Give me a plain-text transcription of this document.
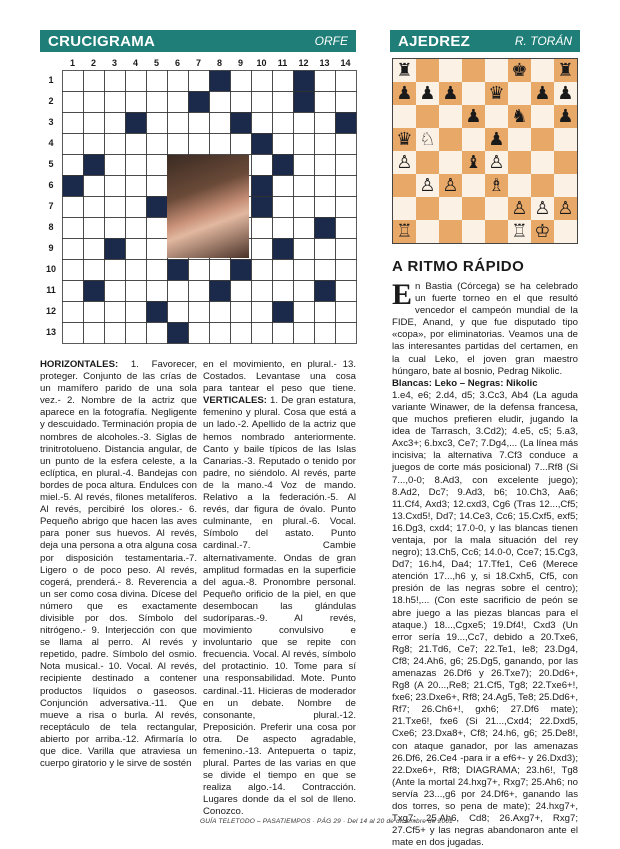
CRUCIGRAMA	ORFE	AJEDREZ	R. TORÁN
1	2	3	4	5	6	7	8	9	10	11	12	13	14
1
2
3
4
5
6
7
8
9
10
11
12
13
HORIZONTALES: 1. Favorecer, proteger. Conjunto de las crías de un mamífero parido de una sola vez.- 2. Nombre de la actriz que aparece en la fotografía. Negligente y descuidado. Terminación propia de nombres de alcoholes.-3. Siglas de trinitrotolueno. Distancia angular, de un punto de la esfera celeste, a la eclíptica, en plural.-4. Bandejas con bordes de poca altura. Endulces con miel.-5. Al revés, filones metalíferos. Al revés, percibiré los olores.- 6. Pequeño abrigo que hacen las aves para poner sus huevos. Al revés, deja una persona a otra alguna cosa por disposición testamentaria.-7. Ligero o de poco peso. Al revés, cogerá, prenderá.- 8. Reverencia a un ser como cosa divina. Dícese del número que es exactamente divisible por dos. Símbolo del nitrógeno.- 9. Interjección con que se llama al perro. Al revés y repetido, padre. Símbolo del osmio. Nota musical.- 10. Vocal. Al revés, recipiente destinado a contener productos líquidos o gaseosos. Conjunción adversativa.-11. Que mueve a risa o burla. Al revés, receptáculo de tela rectangular, abierto por arriba.-12. Afirmaría lo que dice. Varilla que atraviesa un cuerpo giratorio y le sirve de sostén
en el movimiento, en plural.- 13. Costados. Levantase una cosa para tantear el peso que tiene. VERTICALES: 1. De gran estatura, femenino y plural. Cosa que está a un lado.-2. Apellido de la actriz que hemos nombrado anteriormente. Canto y baile típicos de las Islas Canarias.-3. Reputado o tenido por padre, no siéndolo. Al revés, parte de la mano.-4 Voz de mando. Relativo a la federación.-5. Al revés, dar figura de óvalo. Punto culminante, en plural.-6. Vocal. Símbolo del astato. Punto cardinal.-7. Cambie alternativamente. Ondas de gran amplitud formadas en la superficie del agua.-8. Pronombre personal. Pequeño orificio de la piel, en que desembocan las glándulas sudoríparas.-9. Al revés, movimiento convulsivo e involuntario que se repite con frecuencia. Vocal. Al revés, símbolo del protactinio. 10. Tome para sí una responsabilidad. Mote. Punto cardinal.-11. Hicieras de moderador en un debate. Nombre de consonante, plural.-12. Preposición. Preferir una cosa por otra. De aspecto agradable, femenino.-13. Antepuerta o tapiz, plural. Partes de las varias en que se divide el tiempo en que se realiza algo.-14. Contracción. Lugares donde da el sol de lleno. Conozco.
♜	♚ ♜
♟ ♟ ♟ ♛ ♟ ♟
♟ ♞ ♟
♛ ♘	♟
♙	♝ ♙
♙ ♙ ♗
♙ ♙ ♙
♖	♖ ♔
A RITMO RÁPIDO
E n Bastia (Córcega) se ha celebrado un fuerte torneo en el que resultó vencedor el campeón mundial de la FIDE, Anand, y que fue disputado tipo «copa», por eliminatorias. Veamos una de las interesantes partidas del certamen, en la cual Leko, el joven gran maestro húngaro, bate al bosnio, Pedrag Nikolic.
Blancas: Leko – Negras: Nikolic
1.e4, e6; 2.d4, d5; 3.Cc3, Ab4 (La aguda variante Winawer, de la defensa francesa, que muchos prefieren eludir, jugando la idea de Tarrasch, 3.Cd2); 4.e5, c5; 5.a3, Axc3+; 6.bxc3, Ce7; 7.Dg4,... (La línea más incisiva; la alternativa 7.Cf3 conduce a juegos de corte más posicional) 7...Rf8 (Si 7...,0-0; 8.Ad3, con excelente juego); 8.Ad2, Dc7; 9.Ad3, b6; 10.Ch3, Aa6; 11.Cf4, Axd3; 12.cxd3, Cg6 (Tras 12...,Cf5; 13.Cxd5!, Dd7; 14.Ce3, Cc6; 15.Cxf5, exf5; 16.Dg3, cxd4; 17.0-0, y las blancas tienen ventaja, por la mala situación del rey negro); 13.Ch5, Cc6; 14.0-0, Cce7; 15.Cg3, Dd7; 16.h4, Da4; 17.Tfe1, Ce6 (Merece atención 17...,h6 y, si 18.Cxh5, Cf5, con presión de las negras sobre el centro); 18.h5!,... (Con este sacrificio de peón se abre juego a las piezas blancas para el ataque.) 18...,Cgxe5; 19.Df4!, Cxd3 (Un error sería 19...,Cc7, debido a 20.Txe6, Rg8; 21.Td6, Ce7; 22.Te1, Ie8; 23.Dg4, Cf8; 24.Ah6, g6; 25.Dg5, ganando, por las amenazas 26.Df6 y 26.Txe7); 20.Dd6+, Rg8 (A 20...,Re8; 21.Cf5, Tg8; 22.Txe6+!, fxe6; 23.Dxe6+, Rf8; 24.Ag5, Te8; 25.Dd6+, Rf7; 26.Ch6+!, gxh6; 27.Df6 mate); 21.Txe6!, fxe6 (Si 21...,Cxd4; 22.Dxd5, Cxe6; 23.Dxa8+, Cf8; 24.h6, g6; 25.De8!, con ataque ganador, por las amenazas 26.Df6, 26.Ce4 -para ir a ef6+- y 26.Dxd3); 22.Dxe6+, Rf8; DIAGRAMA; 23.h6!, Tg8 (Ante la mortal 24.hxg7+, Rxg7; 25.Ah6; no servía 23...,g6 por 24.Df6+, ganando las dos torres, so pena de mate); 24.hxg7+, Txg7; 25.Ah6, Cd8; 26.Axg7+, Rxg7; 27.Cf5+ y las negras abandonaron ante el mate en dos jugadas.
GUÍA TELETODO – PASATIEMPOS · PÁG 29 · Del 14 al 20 de diciembre de 2001
